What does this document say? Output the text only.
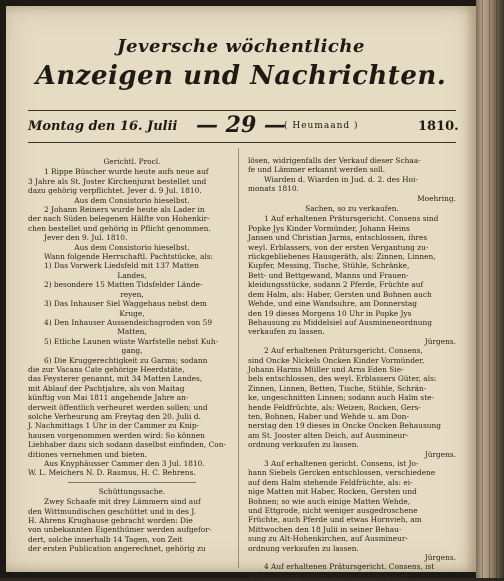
Jeversche wöchentliche
Anzeigen und Nachrichten.
Montag den 16. Julii — 29 —
( Heumaand )	1810.
Gerichtl. Procl.
1 Rippe Büscher wurde heute aufs neue auf
3 Jahre als St. Joster Kirchenjurat bestellet und
dazu gehörig verpflichtet. Jever d. 9 Jul. 1810.
Aus dem Consistorio hieselbst.
2 Johann Reiners wurde heute als Lader in
der nach Süden belegenen Hälfte von Hohenkir-
chen bestellet und gehörig in Pflicht genommen.
Jever den 9. Jul. 1810.
Aus dem Consistorio hieselbst.
Wann folgende Herrschaftl. Pachtstücke, als:
1) Das Vorwerk Liedsfeld mit 137 Matten
Landes,
2) besondere 15 Matten Tidsfelder Lände-
reyen,
3) Das Inhauser Siel Waggehaus nebst dem
Kruge,
4) Den Inhauser Aussendeichsgroden von 59
Matten,
5) Etliche Launen wüste Warfstelle nebst Kuh-
gang,
6) Die Kruggerechtigkeit zu Garms; sodann
die zur Vacans Cate gehörige Heerdstäte,
das Feysterer genannt, mit 34 Matten Landes,
mit Ablauf der Pachtjahre, als von Maitag
künftig von Mai 1811 angehende Jahre an-
derweit öffentlich verheuret werden sollen; und
solche Verheurung am Freytag den 20. Julii d.
J. Nachmittags 1 Uhr in der Cammer zu Knip-
hausen vorgenommen werden wird: So können
Liebhaber dazu sich sodann daselbst einfinden, Con-
ditiones vernehmen und bieten.
Aus Knyphäusser Cammer den 3 Jul. 1810.
W. L. Meichers N. D. Rasmus, H. C. Behrens.
Schüttungssache.
Zwey Schaafe mit drey Lämmern sind auf
den Wittmundischen geschüttet und in des J.
H. Ahrens Krughause gebracht worden: Die
von unbekannten Eigenthümer werden aufgefor-
dert, solche innerhalb 14 Tagen, von Zeit
der ersten Publication angerechnet, gehörig zu
lösen, widrigenfalls der Verkauf dieser Schaa-
fe und Lämmer erkannt werden soll.
Wiarden d. Wiarden in Jud. d. 2. des Hoi-
monats 1810.
Moehring.
Sachen, so zu verkaufen.
1 Auf erhaltenen Prätursgericht. Consens sind
Popke Jys Kinder Vormünder, Johann Heins
Jansen und Christian Jarms, entschlossen, ihres
weyl. Erblassers, von der ersten Vergantung zu-
rückgebliebenes Hausgeräth, als: Zinnen, Linnen,
Kupfer, Messing, Tische, Stühle, Schränke,
Bett- und Bettgewand, Manns und Frauen-
kleidungsstücke, sodann 2 Pferde, Früchte auf
dem Halm, als: Haber, Gersten und Bohnen auch
Wehde, und eine Wandsuhre, am Donnerstag
den 19 dieses Morgens 10 Uhr in Popke Jys
Behausung zu Middelsiel auf Ausmineneordnung
verkaufen zu lassen.
Jürgens.
2 Auf erhaltenen Prätursgericht. Consens,
sind Oncke Nickels Oncken Kinder Vormünder,
Johann Harms Müller und Arns Eden Sie-
bels entschlossen, des weyl. Erblassers Güter, als:
Zinnen, Linnen, Betten, Tische, Stühle, Schrän-
ke, ungeschnitten Linnen; sodann auch Halm ste-
hende Feldfrüchte, als: Weizen, Rocken, Gers-
ten, Bohnen, Haber und Wehde u. am Don-
nerstag den 19 dieses in Oncke Oncken Behausung
am St. Jooster alten Deich, auf Ausmineur-
ordnung verkaufen zu lassen.
Jürgens.
3 Auf erhaltenen gericht. Consens, ist Jo-
hann Siebels Gercken entschlossen, verschiedene
auf dem Halm stehende Feldfrüchte, als: ei-
nige Matten mit Haber, Rocken, Gersten und
Bohnen; so wie auch einige Matten Wehde,
und Ettgrode, nicht weniger ausgedroschene
Früchte, auch Pferde und etwas Hornvieh, am
Mittwochen den 18 Julii in seiner Behau-
sung zu Alt-Hohenkirchen, auf Ausmineur-
ordnung verkaufen zu lassen.
Jürgens.
4 Auf erhaltenen Prätursgericht. Consens, ist
Johann Peters Jansen Witwe und Depsland,
